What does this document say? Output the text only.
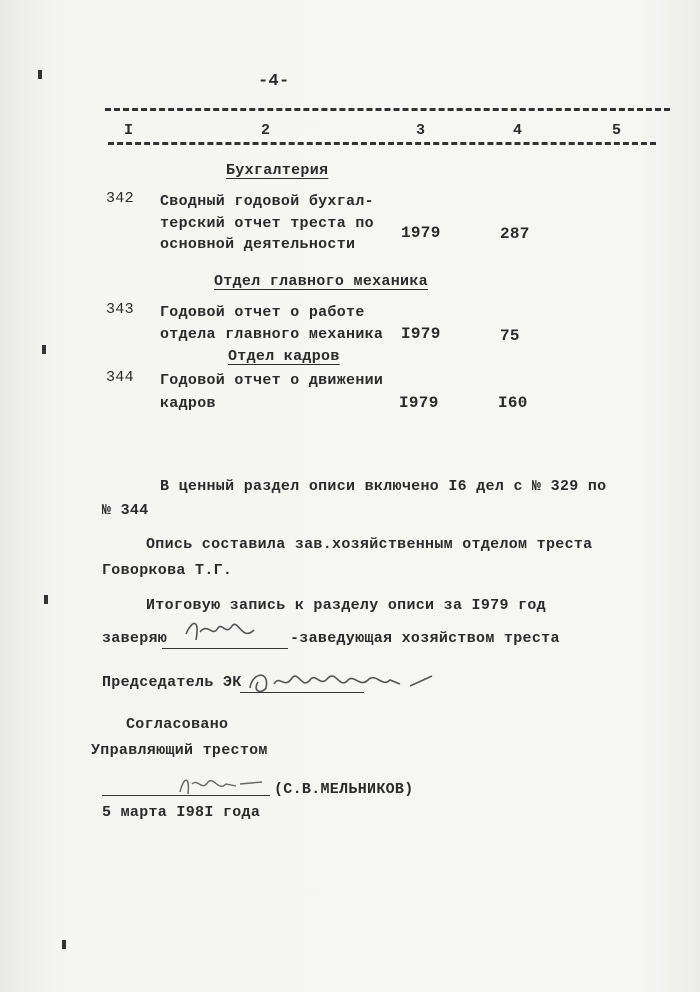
-4-
I	2	3	4	5
Бухгалтерия
342 Сводный годовой бухгал-
терский отчет треста по
основной деятельности
1979	287
Отдел главного механика
343 Годовой отчет о работе
отдела главного механика I979	75
Отдел кадров
344 Годовой отчет о движении
кадров	I979	I60
В ценный раздел описи включено I6 дел с № 329 по
№ 344
Опись составила зав.хозяйственным отделом треста
Говоркова Т.Г.
Итоговую запись к разделу описи за I979 год
заверяю	-заведующая хозяйством треста
Председатель ЭК
Согласовано
Управляющий трестом
(С.В.МЕЛЬНИКОВ)
5 марта I98I года
